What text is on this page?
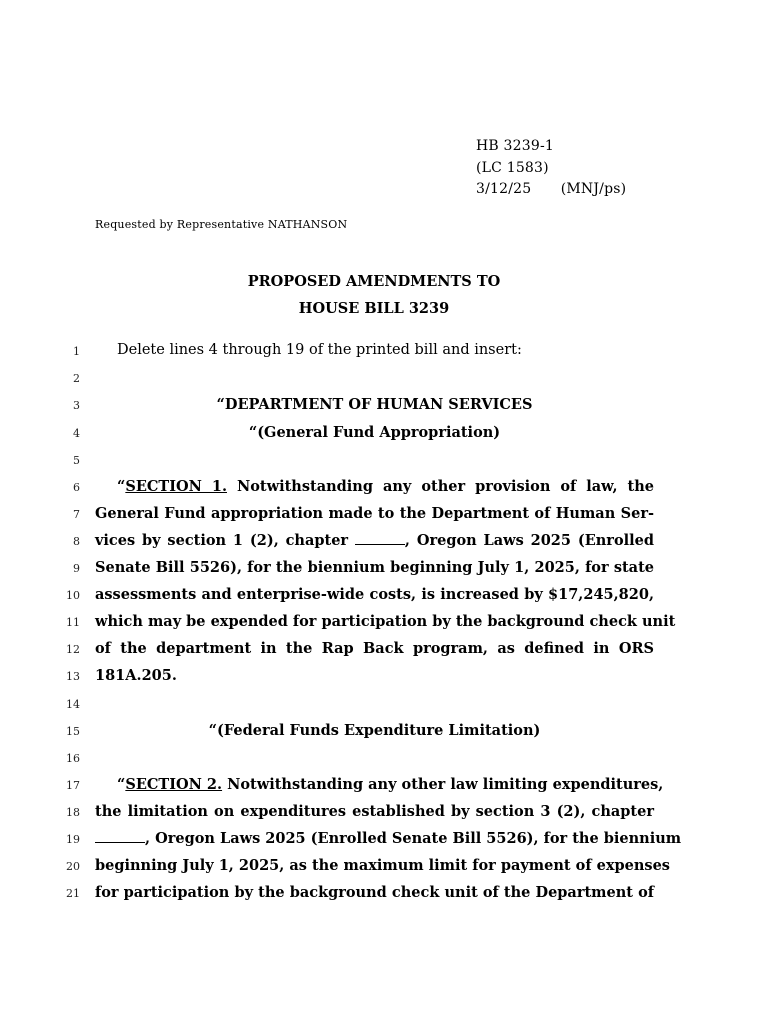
HB 3239-1
(LC 1583)
3/12/25 (MNJ/ps)
Requested by Representative NATHANSON
PROPOSED AMENDMENTS TO
HOUSE BILL 3239
1
2
3
4
5
6
7
8
9
10
11
12
13
14
15
16
17
18
19
20
21
Delete lines 4 through 19 of the printed bill and insert:
“DEPARTMENT OF HUMAN SERVICES
“(General Fund Appropriation)
“SECTION 1. Notwithstanding any other provision of law, the
General Fund appropriation made to the Department of Human Ser-
vices by section 1 (2), chapter	, Oregon Laws 2025 (Enrolled
Senate Bill 5526), for the biennium beginning July 1, 2025, for state
assessments and enterprise-wide costs, is increased by $17,245,820,
which may be expended for participation by the background check unit
of the department in the Rap Back program, as defined in ORS
181A.205.
“(Federal Funds Expenditure Limitation)
“SECTION 2. Notwithstanding any other law limiting expenditures,
the limitation on expenditures established by section 3 (2), chapter
, Oregon Laws 2025 (Enrolled Senate Bill 5526), for the biennium
beginning July 1, 2025, as the maximum limit for payment of expenses
for participation by the background check unit of the Department of
